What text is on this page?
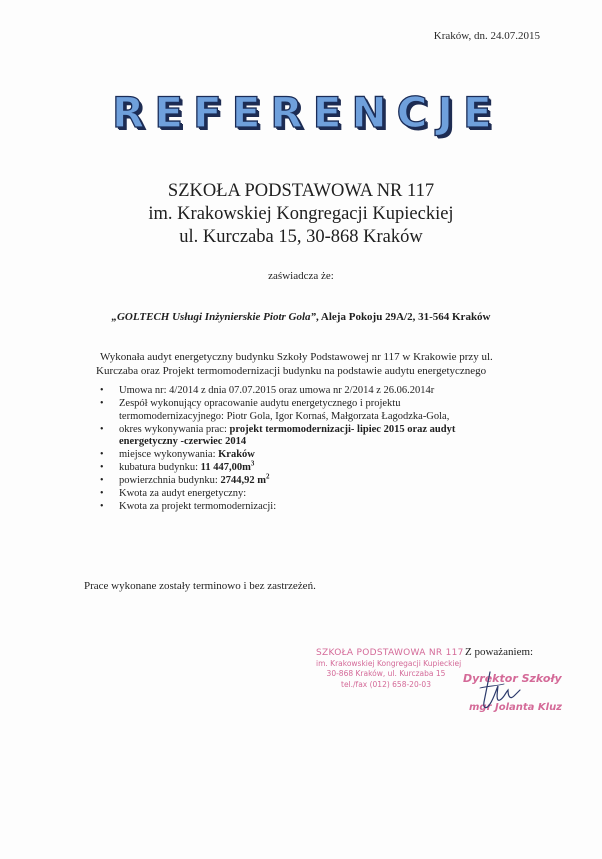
Kraków, dn. 24.07.2015
REFERENCJE
SZKOŁA PODSTAWOWA NR 117
im. Krakowskiej Kongregacji Kupieckiej
ul. Kurczaba 15, 30-868 Kraków
zaświadcza że:
„GOLTECH Usługi Inżynierskie Piotr Gola”, Aleja Pokoju 29A/2, 31-564 Kraków
Wykonała audyt energetyczny budynku Szkoły Podstawowej nr 117 w Krakowie przy ul.
Kurczaba oraz Projekt termomodernizacji budynku na podstawie audytu energetycznego
• Umowa nr: 4/2014 z dnia 07.07.2015 oraz umowa nr 2/2014 z 26.06.2014r
• Zespół wykonujący opracowanie audytu energetycznego i projektu
termomodernizacyjnego: Piotr Gola, Igor Kornaś, Małgorzata Łagodzka-Gola,
• okres wykonywania prac: projekt termomodernizacji- lipiec 2015 oraz audyt
energetyczny -czerwiec 2014
• miejsce wykonywania: Kraków
• kubatura budynku: 11 $447,00m^3$
• powierzchnia budynku: 2744,92 $m^2$
• Kwota za audyt energetyczny:
• Kwota za projekt termomodernizacji:
Prace wykonane zostały terminowo i bez zastrzeżeń.
Z poważaniem:
SZKOŁA PODSTAWOWA NR 117
im. Krakowskiej Kongregacji Kupieckiej
30-868 Kraków, ul. Kurczaba 15
tel./fax (012) 658-20-03	Dyrektor Szkoły
mgr Jolanta Kluz
